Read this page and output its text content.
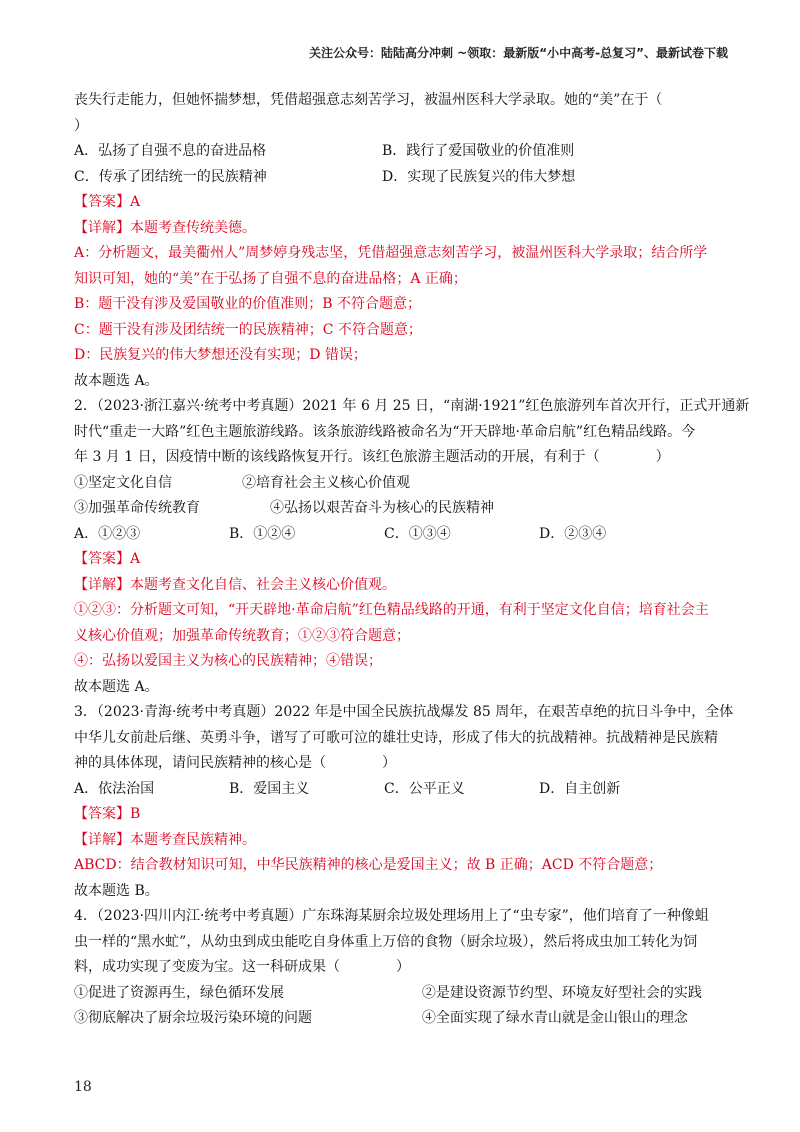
关注公众号：陆陆高分冲刺 ~领取：最新版“小中高考-总复习”、最新试卷下载

丧失行走能力，但她怀揣梦想，凭借超强意志刻苦学习，被温州医科大学录取。她的“美”在于（

）

A．弘扬了自强不息的奋进品格	B．践行了爱国敬业的价值准则
C．传承了团结统一的民族精神	D．实现了民族复兴的伟大梦想

【答案】A

【详解】本题考查传统美德。

A：分析题文，最美衢州人”周梦婷身残志坚，凭借超强意志刻苦学习，被温州医科大学录取；结合所学

知识可知，她的“美”在于弘扬了自强不息的奋进品格；A 正确；

B：题干没有涉及爱国敬业的价值准则；B 不符合题意；

C：题干没有涉及团结统一的民族精神；C 不符合题意；

D：民族复兴的伟大梦想还没有实现；D 错误；

故本题选 A。

2．（2023·浙江嘉兴·统考中考真题）2021 年 6 月 25 日，“南湖·1921”红色旅游列车首次开行，正式开通新

时代“重走一大路”红色主题旅游线路。该条旅游线路被命名为“开天辟地·革命启航”红色精品线路。今

年 3 月 1 日，因疫情中断的该线路恢复开行。该红色旅游主题活动的开展，有利于（　　　　）

①坚定文化自信	②培育社会主义核心价值观
③加强革命传统教育	④弘扬以艰苦奋斗为核心的民族精神
A．①②③	B．①②④	C．①③④	D．②③④

【答案】A

【详解】本题考查文化自信、社会主义核心价值观。

①②③：分析题文可知，“开天辟地·革命启航”红色精品线路的开通，有利于坚定文化自信；培育社会主

义核心价值观；加强革命传统教育；①②③符合题意；

④：弘扬以爱国主义为核心的民族精神；④错误；

故本题选 A。

3．（2023·青海·统考中考真题）2022 年是中国全民族抗战爆发 85 周年，在艰苦卓绝的抗日斗争中，全体

中华儿女前赴后继、英勇斗争，谱写了可歌可泣的雄壮史诗，形成了伟大的抗战精神。抗战精神是民族精

神的具体体现，请问民族精神的核心是（　　　　）

A．依法治国	B．爱国主义	C．公平正义	D．自主创新

【答案】B

【详解】本题考查民族精神。

ABCD：结合教材知识可知，中华民族精神的核心是爱国主义；故 B 正确；ACD 不符合题意；

故本题选 B。

4．（2023·四川内江·统考中考真题）广东珠海某厨余垃圾处理场用上了“虫专家”，他们培育了一种像蛆

虫一样的“黑水虻”，从幼虫到成虫能吃自身体重上万倍的食物（厨余垃圾），然后将成虫加工转化为饲

料，成功实现了变废为宝。这一科研成果（　　　　）

①促进了资源再生，绿色循环发展	②是建设资源节约型、环境友好型社会的实践
③彻底解决了厨余垃圾污染环境的问题	④全面实现了绿水青山就是金山银山的理念
18
